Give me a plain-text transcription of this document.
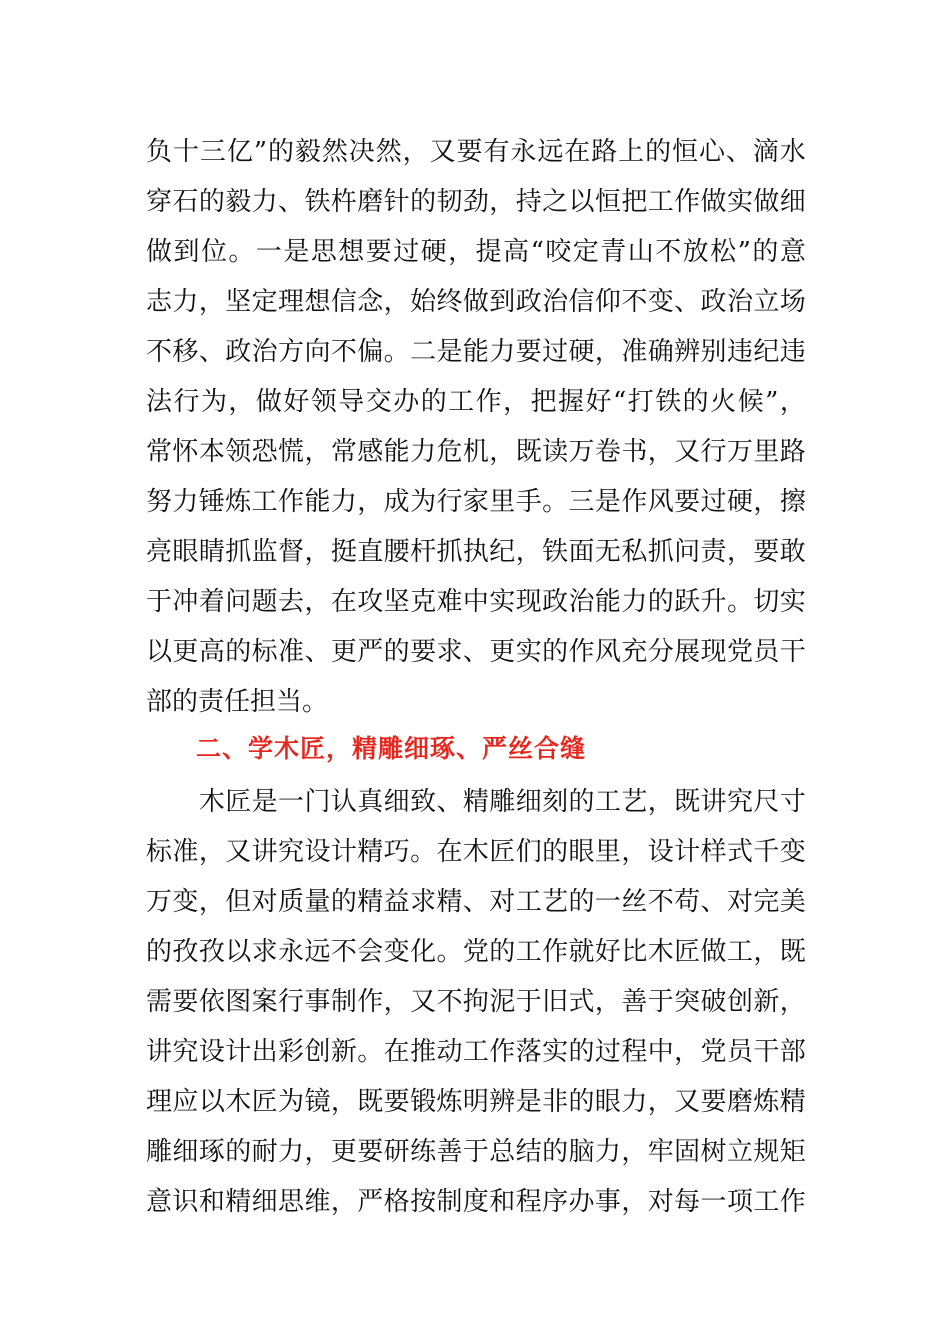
负 十 三 亿 ” 的 毅 然 决 然 ， 又 要 有 永 远 在 路 上 的 恒 心 、 滴 水
穿 石 的 毅 力 、 铁 杵 磨 针 的 韧 劲 ， 持 之 以 恒 把 工 作 做 实 做 细
做 到 位 。 一 是 思 想 要 过 硬 ， 提 高 “ 咬 定 青 山 不 放 松 ” 的 意
志 力 ， 坚 定 理 想 信 念 ， 始 终 做 到 政 治 信 仰 不 变 、 政 治 立 场
不 移 、 政 治 方 向 不 偏 。 二 是 能 力 要 过 硬 ， 准 确 辨 别 违 纪 违
法 行 为 ， 做 好 领 导 交 办 的 工 作 ， 把 握 好 “ 打 铁 的 火 候 ” ，
常 怀 本 领 恐 慌 ， 常 感 能 力 危 机 ， 既 读 万 卷 书 ， 又 行 万 里 路
努 力 锤 炼 工 作 能 力 ， 成 为 行 家 里 手 。 三 是 作 风 要 过 硬 ， 擦
亮 眼 睛 抓 监 督 ， 挺 直 腰 杆 抓 执 纪 ， 铁 面 无 私 抓 问 责 ， 要 敢
于 冲 着 问 题 去 ， 在 攻 坚 克 难 中 实 现 政 治 能 力 的 跃 升 。 切 实
以 更 高 的 标 准 、 更 严 的 要 求 、 更 实 的 作 风 充 分 展 现 党 员 干
部的责任担当。
二、学木匠，精雕细琢、严丝合缝

木 匠 是 一 门 认 真 细 致 、 精 雕 细 刻 的 工 艺 ， 既 讲 究 尺 寸
标 准 ， 又 讲 究 设 计 精 巧 。 在 木 匠 们 的 眼 里 ， 设 计 样 式 千 变
万 变 ， 但 对 质 量 的 精 益 求 精 、 对 工 艺 的 一 丝 不 苟 、 对 完 美
的 孜 孜 以 求 永 远 不 会 变 化 。 党 的 工 作 就 好 比 木 匠 做 工 ， 既
需 要 依 图 案 行 事 制 作 ， 又 不 拘 泥 于 旧 式 ， 善 于 突 破 创 新 ，
讲 究 设 计 出 彩 创 新 。 在 推 动 工 作 落 实 的 过 程 中 ， 党 员 干 部
理 应 以 木 匠 为 镜 ， 既 要 锻 炼 明 辨 是 非 的 眼 力 ， 又 要 磨 炼 精
雕 细 琢 的 耐 力 ， 更 要 研 练 善 于 总 结 的 脑 力 ， 牢 固 树 立 规 矩
意 识 和 精 细 思 维 ， 严 格 按 制 度 和 程 序 办 事 ， 对 每 一 项 工 作
